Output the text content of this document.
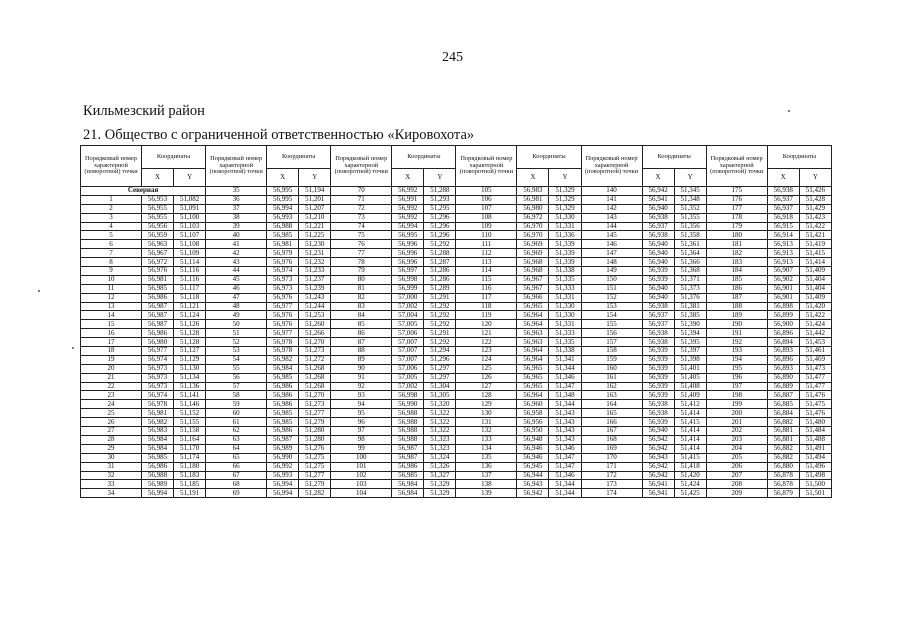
245
Кильмезский район
21. Общество с ограниченной ответственностью «Кировохота»
Порядковый номер характерной (поворотной) точки	Координаты		Порядковый номер характерной (поворотной) точки	Координаты		Порядковый номер характерной (поворотной) точки	Координаты		Порядковый номер характерной (поворотной) точки	Координаты		Порядковый номер характерной (поворотной) точки	Координаты		Порядковый номер характерной (поворотной) точки	Координаты	
	X	Y		X	Y		X	Y		X	Y		X	Y		X	Y
Северная			35	56,995	51,194	70	56,992	51,288	105	56,983	51,329	140	56,942	51,345	175	56,938	51,426
1	56,953	51,082	36	56,995	51,201	71	56,991	51,293	106	56,981	51,329	141	56,941	51,348	176	56,937	51,428
2	56,955	51,091	37	56,994	51,207	72	56,992	51,295	107	56,980	51,329	142	56,940	51,352	177	56,937	51,429
3	56,955	51,100	38	56,993	51,210	73	56,992	51,296	108	56,972	51,330	143	56,938	51,355	178	56,918	51,423
4	56,956	51,103	39	56,988	51,221	74	56,994	51,296	109	56,970	51,331	144	56,937	51,356	179	56,915	51,422
5	56,959	51,107	40	56,985	51,225	75	56,995	51,296	110	56,970	51,336	145	56,938	51,358	180	56,914	51,421
6	56,963	51,108	41	56,981	51,230	76	56,996	51,292	111	56,969	51,339	146	56,940	51,361	181	56,913	51,419
7	56,967	51,109	42	56,979	51,231	77	56,996	51,288	112	56,969	51,339	147	56,940	51,364	182	56,913	51,415
8	56,972	51,114	43	56,976	51,232	78	56,996	51,287	113	56,968	51,339	148	56,940	51,366	183	56,913	51,414
9	56,976	51,116	44	56,974	51,233	79	56,997	51,286	114	56,968	51,338	149	56,939	51,368	184	56,907	51,409
10	56,981	51,116	45	56,973	51,237	80	56,998	51,286	115	56,967	51,335	150	56,939	51,371	185	56,902	51,404
11	56,985	51,117	46	56,973	51,239	81	56,999	51,289	116	56,967	51,333	151	56,940	51,373	186	56,901	51,404
12	56,986	51,118	47	56,976	51,243	82	57,000	51,291	117	56,966	51,331	152	56,940	51,376	187	56,901	51,409
13	56,987	51,121	48	56,977	51,244	83	57,002	51,292	118	56,965	51,330	153	56,938	51,381	188	56,898	51,420
14	56,987	51,124	49	56,976	51,253	84	57,004	51,292	119	56,964	51,330	154	56,937	51,385	189	56,899	51,422
15	56,987	51,126	50	56,976	51,260	85	57,005	51,292	120	56,964	51,331	155	56,937	51,390	190	56,900	51,424
16	56,986	51,128	51	56,977	51,266	86	57,006	51,291	121	56,963	51,333	156	56,938	51,394	191	56,896	51,442
17	56,980	51,128	52	56,978	51,270	87	57,007	51,292	122	56,963	51,335	157	56,938	51,395	192	56,894	51,453
18	56,977	51,127	53	56,978	51,273	88	57,007	51,294	123	56,964	51,338	158	56,939	51,397	193	56,893	51,461
19	56,974	51,129	54	56,982	51,272	89	57,007	51,296	124	56,964	51,341	159	56,939	51,398	194	56,896	51,469
20	56,973	51,130	55	56,984	51,268	90	57,006	51,297	125	56,965	51,344	160	56,939	51,401	195	56,893	51,473
21	56,973	51,134	56	56,985	51,268	91	57,005	51,297	126	56,965	51,346	161	56,939	51,405	196	56,890	51,477
22	56,973	51,136	57	56,986	51,268	92	57,002	51,304	127	56,965	51,347	162	56,939	51,408	197	56,889	51,477
23	56,974	51,141	58	56,986	51,270	93	56,998	51,305	128	56,964	51,348	163	56,939	51,409	198	56,887	51,476
24	56,978	51,146	59	56,986	51,273	94	56,990	51,320	129	56,960	51,344	164	56,938	51,412	199	56,885	51,475
25	56,981	51,152	60	56,985	51,277	95	56,988	51,322	130	56,958	51,343	165	56,938	51,414	200	56,884	51,476
26	56,982	51,155	61	56,985	51,279	96	56,988	51,322	131	56,956	51,343	166	56,939	51,415	201	56,882	51,480
27	56,983	51,158	62	56,986	51,280	97	56,988	51,322	132	56,950	51,343	167	56,940	51,414	202	56,881	51,484
28	56,984	51,164	63	56,987	51,280	98	56,988	51,323	133	56,948	51,343	168	56,942	51,414	203	56,881	51,488
29	56,984	51,170	64	56,989	51,276	99	56,987	51,323	134	56,946	51,346	169	56,942	51,414	204	56,882	51,491
30	56,985	51,174	65	56,990	51,275	100	56,987	51,324	135	56,946	51,347	170	56,943	51,415	205	56,882	51,494
31	56,986	51,180	66	56,992	51,275	101	56,986	51,326	136	56,945	51,347	171	56,942	51,418	206	56,880	51,496
32	56,988	51,183	67	56,993	51,277	102	56,985	51,327	137	56,944	51,346	172	56,942	51,420	207	56,878	51,498
33	56,989	51,185	68	56,994	51,279	103	56,984	51,329	138	56,943	51,344	173	56,941	51,424	208	56,878	51,500
34	56,994	51,191	69	56,994	51,282	104	56,984	51,329	139	56,942	51,344	174	56,941	51,425	209	56,879	51,501
